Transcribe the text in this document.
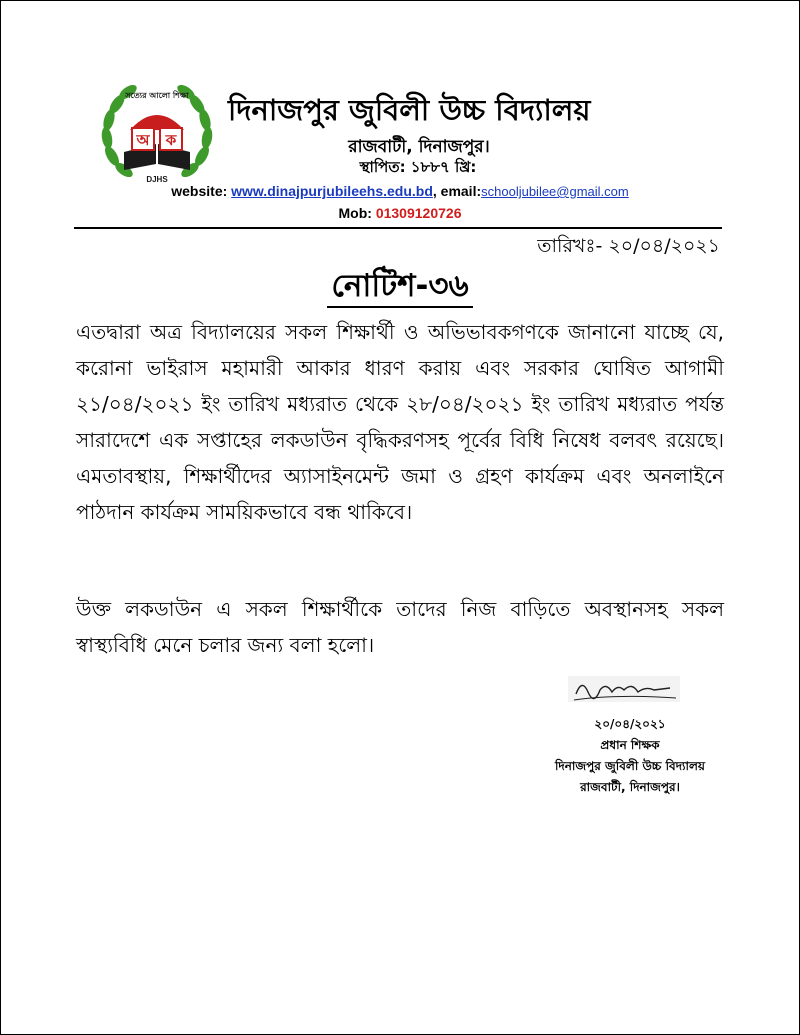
সত্যের আলো শিক্ষা
অ ক
DJHS
দিনাজপুর জুবিলী উচ্চ বিদ্যালয়
রাজবাটী, দিনাজপুর।
স্থাপিত: ১৮৮৭ খ্রি:
website: www.dinajpurjubileehs.edu.bd, email:schooljubilee@gmail.com
Mob: 01309120726
তারিখঃ- ২০/০৪/২০২১
নোটিশ-৩৬

এতদ্বারা অত্র বিদ্যালয়ের সকল শিক্ষার্থী ও অভিভাবকগণকে জানানো যাচ্ছে যে, করোনা ভাইরাস মহামারী আকার ধারণ করায় এবং সরকার ঘোষিত আগামী ২১/০৪/২০২১ ইং তারিখ মধ্যরাত থেকে ২৮/০৪/২০২১ ইং তারিখ মধ্যরাত পর্যন্ত সারাদেশে এক সপ্তাহের লকডাউন বৃদ্ধিকরণসহ পূর্বের বিধি নিষেধ বলবৎ রয়েছে। এমতাবস্থায়, শিক্ষার্থীদের অ্যাসাইনমেন্ট জমা ও গ্রহণ কার্যক্রম এবং অনলাইনে পাঠদান কার্যক্রম সাময়িকভাবে বন্ধ থাকিবে।

উক্ত লকডাউন এ সকল শিক্ষার্থীকে তাদের নিজ বাড়িতে অবস্থানসহ সকল স্বাস্থ্যবিধি মেনে চলার জন্য বলা হলো।

২০/০৪/২০২১
প্রধান শিক্ষক
দিনাজপুর জুবিলী উচ্চ বিদ্যালয়
রাজবাটী, দিনাজপুর।
